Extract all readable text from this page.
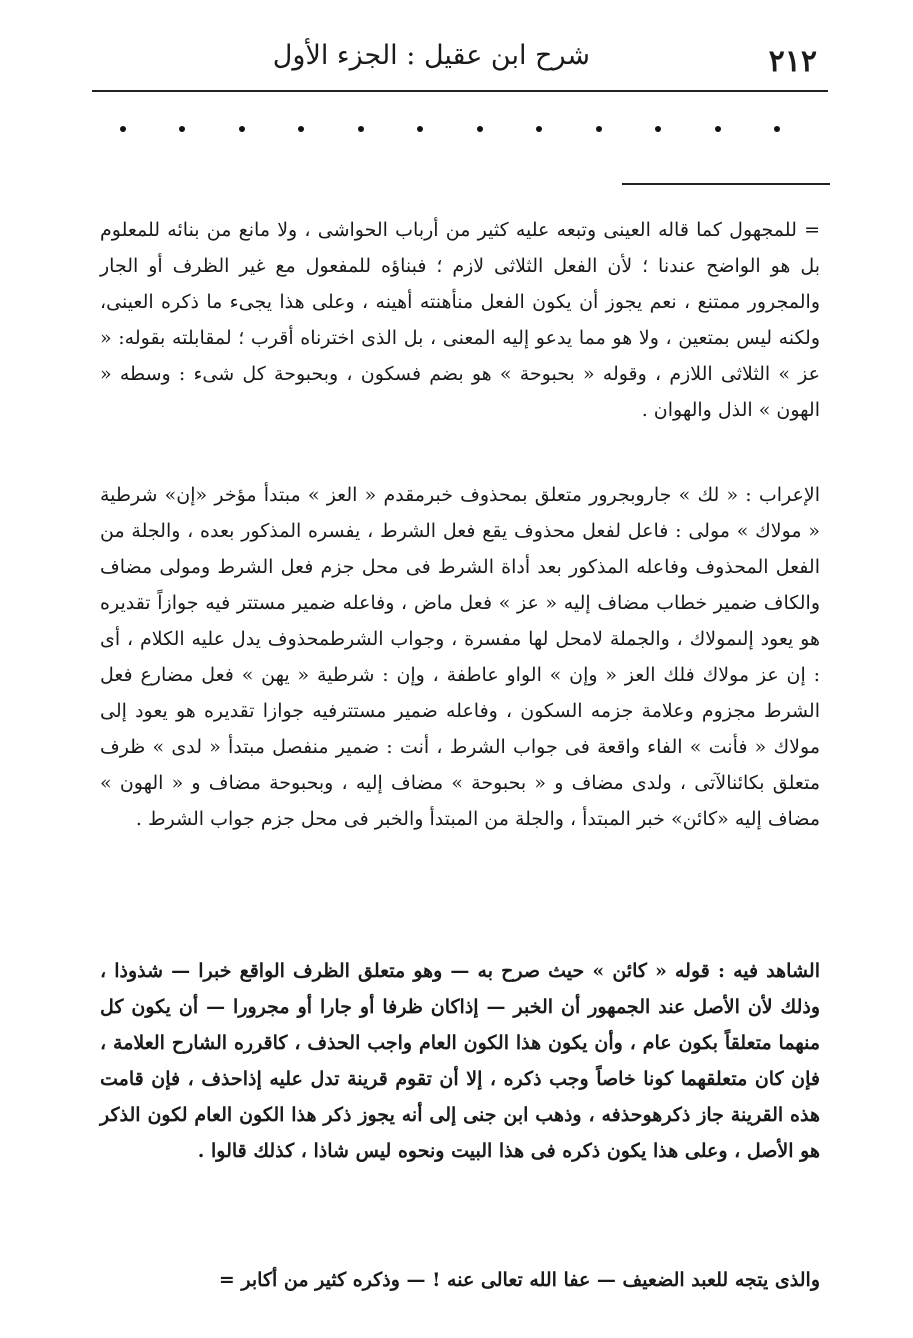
٢١٢
شرح ابن عقيل : الجزء الأول

= للمجهول كما قاله العينى وتبعه عليه كثير من أرباب الحواشى ، ولا مانع من بنائه للمعلوم بل هو الواضح عندنا ؛ لأن الفعل الثلاثى لازم ؛ فبناؤه للمفعول مع غير الظرف أو الجار والمجرور ممتنع ، نعم يجوز أن يكون الفعل منأهنته أهينه ، وعلى هذا يجىء ما ذكره العينى، ولكنه ليس بمتعين ، ولا هو مما يدعو إليه المعنى ، بل الذى اخترناه أقرب ؛ لمقابلته بقوله: « عز » الثلاثى اللازم ، وقوله « بحبوحة » هو بضم فسكون ، وبحبوحة كل شىء : وسطه « الهون » الذل والهوان .

الإعراب : « لك » جاروبجرور متعلق بمحذوف خبرمقدم « العز » مبتدأ مؤخر «إن» شرطية « مولاك » مولى : فاعل لفعل محذوف يقع فعل الشرط ، يفسره المذكور بعده ، والجلة من الفعل المحذوف وفاعله المذكور بعد أداة الشرط فى محل جزم فعل الشرط ومولى مضاف والكاف ضمير خطاب مضاف إليه « عز » فعل ماض ، وفاعله ضمير مستتر فيه جوازاً تقديره هو يعود إلىمولاك ، والجملة لامحل لها مفسرة ، وجواب الشرطمحذوف يدل عليه الكلام ، أى : إن عز مولاك فلك العز « وإن » الواو عاطفة ، وإن : شرطية « يهن » فعل مضارع فعل الشرط مجزوم وعلامة جزمه السكون ، وفاعله ضمير مستترفيه جوازا تقديره هو يعود إلى مولاك « فأنت » الفاء واقعة فى جواب الشرط ، أنت : ضمير منفصل مبتدأ « لدى » ظرف متعلق بكائنالآتى ، ولدى مضاف و « بحبوحة » مضاف إليه ، وبحبوحة مضاف و « الهون » مضاف إليه «كائن» خبر المبتدأ ، والجلة من المبتدأ والخبر فى محل جزم جواب الشرط .

الشاهد فيه : قوله « كائن » حيث صرح به — وهو متعلق الظرف الواقع خبرا — شذوذا ، وذلك لأن الأصل عند الجمهور أن الخبر — إذاكان ظرفا أو جارا أو مجرورا — أن يكون كل منهما متعلقاً بكون عام ، وأن يكون هذا الكون العام واجب الحذف ، كاقرره الشارح العلامة ، فإن كان متعلقهما كونا خاصاً وجب ذكره ، إلا أن تقوم قرينة تدل عليه إذاحذف ، فإن قامت هذه القرينة جاز ذكرهوحذفه ، وذهب ابن جنى إلى أنه يجوز ذكر هذا الكون العام لكون الذكر هو الأصل ، وعلى هذا يكون ذكره فى هذا البيت ونحوه ليس شاذا ، كذلك قالوا .

والذى يتجه للعبد الضعيف — عفا الله تعالى عنه ! — وذكره كثير من أكابر =
